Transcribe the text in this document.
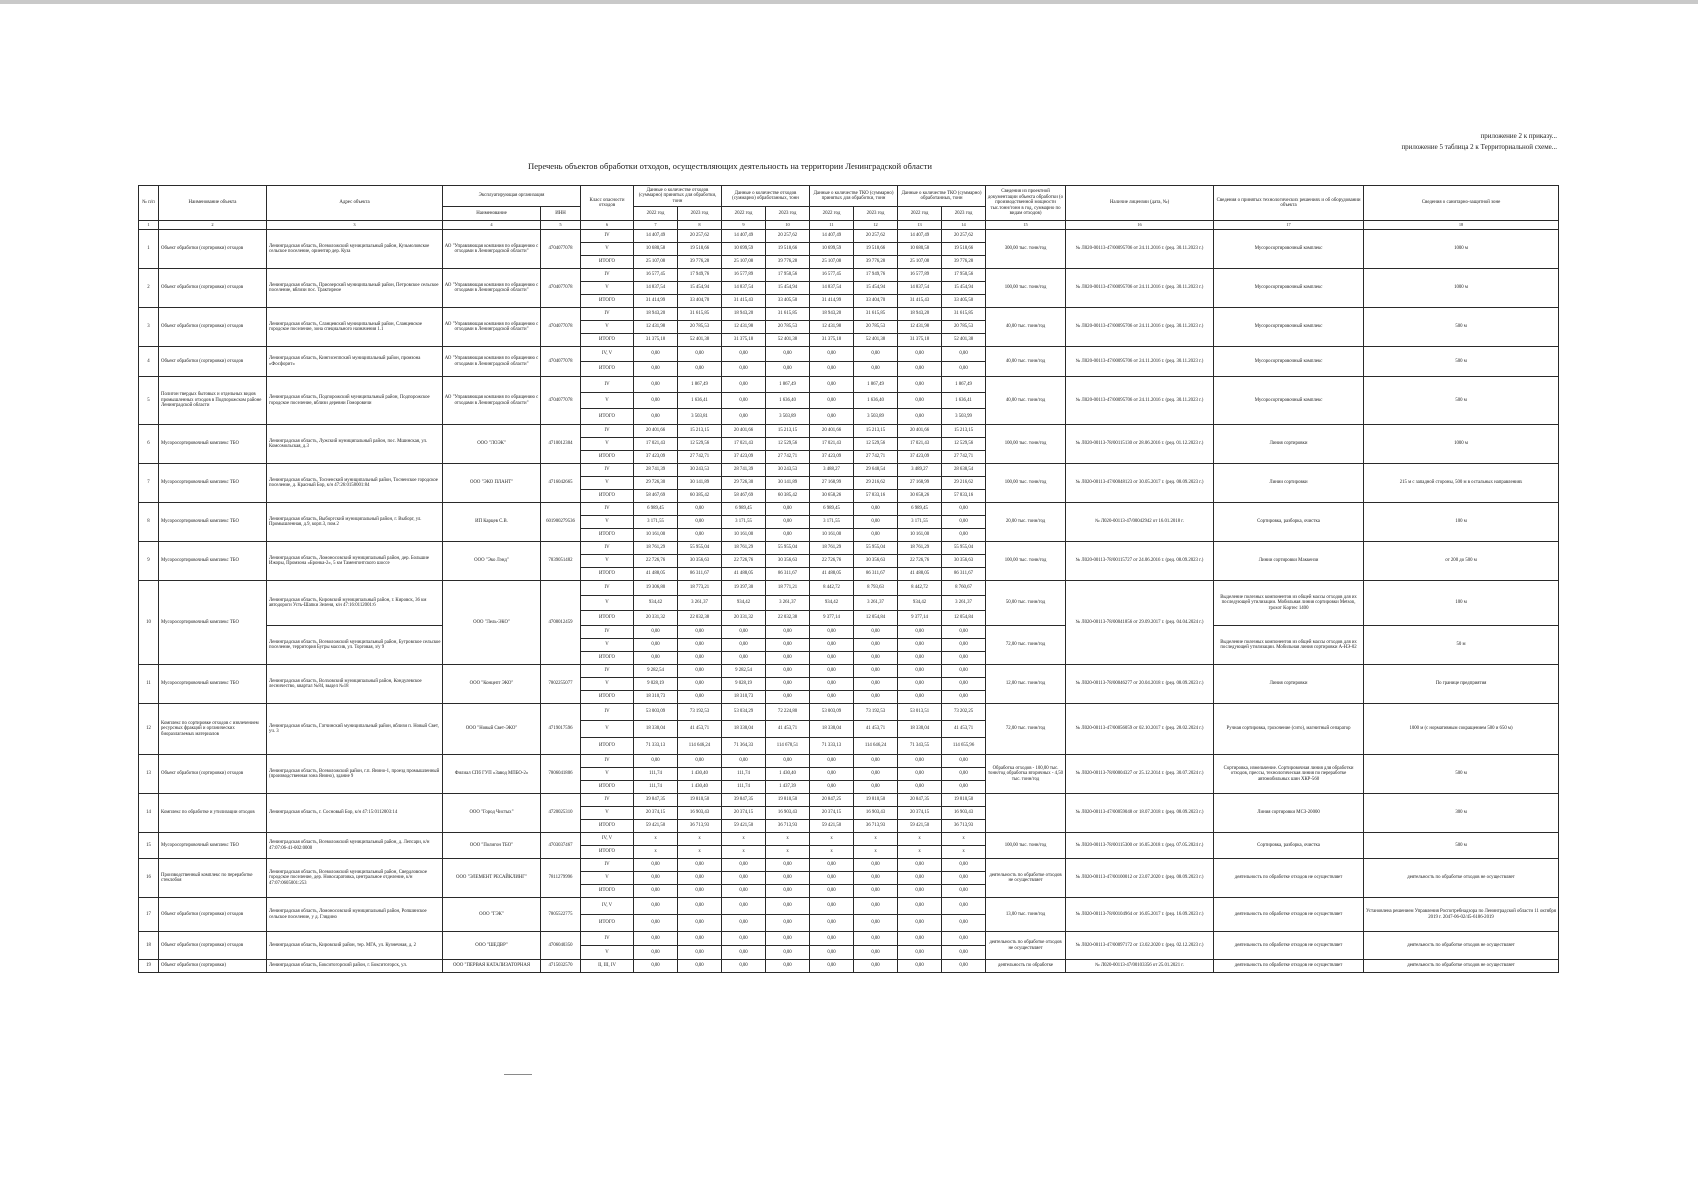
приложение 2 к приказу...
приложение 5 таблица 2 к Территориальной схеме...
Перечень объектов обработки отходов, осуществляющих деятельность на территории Ленинградской области
№ п/п	Наименование объекта	Адрес объекта	Эксплуатирующая организация		Класс опасности отходов	Данные о количестве отходов (суммарно) принятых для обработки, тонн		Данные о количестве отходов (суммарно) обработанных, тонн		Данные о количестве ТКО (суммарно) принятых для обработки, тонн		Данные о количестве ТКО (суммарно) обработанных, тонн		Сведения из проектной документации объекта обработки (о производственной мощности тыс.тонн/тонн в год, суммарно по видам отходов)	Наличие лицензии (дата, №)	Сведения о принятых технологических решениях и об оборудовании объекта	Сведения о санитарно-защитной зоне
			Наименование	ИНН		2022 год	2023 год	2022 год	2023 год	2022 год	2023 год	2022 год	2023 год				
1	2	3	4	5	6	7	8	9	10	11	12	13	14	15	16	17	18
1	Объект обработки (сортировки) отходов	Ленинградская область, Всеволожский муниципальный район, Кузьмоловское сельское поселение, ориентир дер. Куза	АО "Управляющая компания по обращению с отходами в Ленинградской области"	4704077078	IV	14 407,49	20 257,62	14 407,49	20 257,62	14 407,49	20 257,62	14 407,49	20 257,62	300,00 тыс. тонн/год	№ Л020-00113-47/00095706 от 24.11.2016 г. (ред. 30.11.2023 г.)	Мусоросортировочный комплекс	1000 м
					V	10 680,58	19 518,66	10 699,59	19 518,66	10 699,59	19 518,66	10 680,58	19 518,66				
					ИТОГО	25 107,08	39 776,28	25 107,08	39 776,28	25 107,08	39 776,28	25 107,08	39 776,28				
2	Объект обработки (сортировки) отходов	Ленинградская область, Приозерский муниципальный район, Петровское сельское поселение, вблизи пос. Трактирное	АО "Управляющая компания по обращению с отходами в Ленинградской области"	4704077078	IV	16 577,45	17 949,76	16 577,89	17 950,56	16 577,45	17 949,76	16 577,89	17 950,56	100,00 тыс. тонн/год	№ Л020-00113-47/00095706 от 24.11.2016 г. (ред. 30.11.2023 г.)	Мусоросортировочный комплекс	1000 м
					V	14 837,54	15 454,94	14 837,54	15 454,94	14 837,54	15 454,94	14 837,54	15 454,94				
					ИТОГО	31 414,99	33 404,70	31 415,43	33 405,50	31 414,99	33 404,70	31 415,43	33 405,50				
3	Объект обработки (сортировки) отходов	Ленинградская область, Сланцевский муниципальный район, Сланцевское городское поселение, зона специального назначения 1.1	АО "Управляющая компания по обращению с отходами в Ленинградской области"	4704077078	IV	18 943,20	31 615,85	18 943,20	31 615,85	18 943,20	31 615,85	18 943,20	31 615,85	40,00 тыс. тонн/год	№ Л020-00113-47/00095706 от 24.11.2016 г. (ред. 30.11.2023 г.)	Мусоросортировочный комплекс	500 м
					V	12 431,98	20 785,53	12 431,98	20 785,53	12 431,98	20 785,53	12 431,98	20 785,53				
					ИТОГО	31 375,18	52 401,38	31 375,18	52 401,38	31 375,18	52 401,38	31 375,18	52 401,38				
4	Объект обработки (сортировки) отходов	Ленинградская область, Кингисеппский муниципальный район, промзона «Фосфорит»	АО "Управляющая компания по обращению с отходами в Ленинградской области"	4704077078	IV, V	0,00	0,00	0,00	0,00	0,00	0,00	0,00	0,00	40,00 тыс. тонн/год	№ Л020-00113-47/00095706 от 24.11.2016 г. (ред. 30.11.2023 г.)	Мусоросортировочный комплекс	500 м
					ИТОГО	0,00	0,00	0,00	0,00	0,00	0,00	0,00	0,00				
5	Полигон твердых бытовых и отдельных видов промышленных отходов в Подпорожском районе Ленинградской области	Ленинградская область, Подпорожский муниципальный район, Подпорожское городское поселение, вблизи деревни Гоморовичи	АО "Управляющая компания по обращению с отходами в Ленинградской области"	4704077078	IV	0,00	1 867,49	0,00	1 867,49	0,00	1 867,49	0,00	1 867,49	40,00 тыс. тонн/год	№ Л020-00113-47/00095706 от 24.11.2016 г. (ред. 30.11.2023 г.)	Мусоросортировочный комплекс	500 м
					V	0,00	1 636,41	0,00	1 636,40	0,00	1 636,40	0,00	1 636,41				
					ИТОГО	0,00	3 503,81	0,00	3 503,89	0,00	3 503,89	0,00	3 503,99				
6	Мусоросортировочный комплекс ТБО	Ленинградская область, Лужский муниципальный район, пос. Мшинская, ул. Комсомольская, д.3	ООО "ЛОЭК"	4710012304	IV	20 401,66	15 213,15	20 401,66	15 213,15	20 401,66	15 213,15	20 401,66	15 213,15	100,00 тыс. тонн/год	№ Л020-00113-78/00115130 от 28.06.2016 г. (ред. 01.12.2023 г.)	Линия сортировки	1000 м
					V	17 021,43	12 529,56	17 021,43	12 529,56	17 021,43	12 529,56	17 021,43	12 529,56				
					ИТОГО	37 423,09	27 742,71	37 423,09	27 742,71	37 423,09	27 742,71	37 423,09	27 742,71				
7	Мусоросортировочный комплекс ТБО	Ленинградская область, Тосненский муниципальный район, Тосненское городское поселение, д. Красный Бор, к/н 47:26:0158001:84	ООО "ЭКО ПЛАНТ"	4716042665	IV	28 741,39	30 243,53	28 741,39	30 243,53	3 488,27	29 648,54	3 489,27	28 638,54	100,00 тыс. тонн/год	№ Л020-00113-47/00048123 от 30.05.2017 г. (ред. 08.09.2023 г.)	Линии сортировки	215 м с западной стороны, 500 м в остальных направлениях
					V	29 726,30	30 141,89	29 726,30	30 141,89	27 168,99	29 216,62	27 168,99	29 216,62				
					ИТОГО	58 467,69	60 385,42	58 467,69	60 385,42	30 658,26	57 833,16	30 658,26	57 833,16				
8	Мусоросортировочный комплекс ТБО	Ленинградская область, Выборгский муниципальный район, г. Выборг, ул. Промышленная, д.9, корп.3, пом.2	ИП Карцев С.В.	601900279536	IV	6 989,45	0,00	6 989,45	0,00	6 989,45	0,00	6 989,45	0,00	20,00 тыс. тонн/год	№ Л020-00113-47/00042942 от 16.01.2018 г.	Сортировка, разборка, очистка	100 м
					V	3 171,55	0,00	3 171,55	0,00	3 171,55	0,00	3 171,55	0,00				
					ИТОГО	10 161,00	0,00	10 161,00	0,00	10 161,00	0,00	10 161,00	0,00				
9	Мусоросортировочный комплекс ТБО	Ленинградская область, Ломоносовский муниципальный район, дер. Большие Ижоры, Промзона «Бронка-2», 5 км Таменгонтского шоссе	ООО "Эко Лэнд"	7839051482	IV	18 761,29	55 955,04	18 761,29	55 955,04	18 761,29	55 955,04	18 761,29	55 955,04	100,00 тыс. тонн/год	№ Л020-00113-78/00115727 от 24.06.2016 г. (ред. 08.09.2023 г.)	Линии сортировки Маккензи	от 200 до 500 м
					V	22 726,76	30 356,63	22 726,76	30 356,63	22 726,76	30 356,63	22 726,76	30 356,63				
					ИТОГО	41 488,05	86 311,67	41 488,05	86 311,67	41 488,05	86 311,67	41 488,05	86 311,67				
10	Мусоросортировочный комплекс ТБО	Ленинградская область, Кировский муниципальный район, г. Кировск, 36 км автодороги Усть-Шапки Зеленя, к/н 47:16:0112001:6	ООО "Лель-ЭКО"	4708012459	IV	19 306,80	18 773,21	19 397,30	18 771,21	8 442,72	8 793,63	8 442,72	8 760,67	50,00 тыс. тонн/год	№ Л020-00113-78/00041856 от 29.09.2017 г. (ред. 04.04.2024 г.)	Выделение полезных компонентов из общей массы отходов для их последующей утилизации. Мобильная линия сортировки Metson, грохот Kopтec 1400	100 м
					V	934,42	3 261,37	934,42	3 261,37	934,42	3 261,37	934,42	3 261,37				
					ИТОГО	20 331,32	22 032,38	20 331,32	22 032,38	9 377,14	12 054,84	9 377,14	12 054,84				
		Ленинградская область, Всеволожский муниципальный район, Бугровское сельское поселение, территория Бугры массив, ул. Торговая, з/у 9			IV	0,00	0,00	0,00	0,00	0,00	0,00	0,00	0,00	72,00 тыс. тонн/год		Выделение полезных компонентов из общей массы отходов для их последующей утилизации. Мобильная линия сортировки А-НЭ-02	50 м
					V	0,00	0,00	0,00	0,00	0,00	0,00	0,00	0,00				
					ИТОГО	0,00	0,00	0,00	0,00	0,00	0,00	0,00	0,00				
11	Мусоросортировочный комплекс ТБО	Ленинградская область, Волховский муниципальный район, Кондулевское лесничество, квартал №84, выдел №18	ООО "Концепт ЭКО"	7802255077	IV	9 282,54	0,00	9 282,54	0,00	0,00	0,00	0,00	0,00	12,00 тыс. тонн/год	№ Л020-00113-78/00046277 от 20.04.2018 г. (ред. 08.09.2023 г.)	Линия сортировки	По границе предприятия
					V	9 028,19	0,00	9 028,19	0,00	0,00	0,00	0,00	0,00				
					ИТОГО	18 310,73	0,00	18 310,73	0,00	0,00	0,00	0,00	0,00				
12	Комплекс по сортировке отходов с извлечением ресурсных фракций и органических биоразлагаемых материалов	Ленинградская область, Гатчинский муниципальный район, вблизи п. Новый Свет, уч. 3	ООО "Новый Свет-ЭКО"	4719017596	IV	53 003,09	73 192,53	53 034,29	72 224,80	53 003,09	73 192,53	53 013,51	73 202,25	72,00 тыс. тонн/год	№ Л020-00113-47/00056059 от 02.10.2017 г. (ред. 28.02.2024 г.)	Ручная сортировка, грохочение (сито), магнитный сепаратор	1000 м (с нормативным сокращением 500 и 650 м)
					V	18 330,04	41 453,71	18 330,04	41 453,71	18 330,04	41 453,71	18 330,04	41 453,71				
					ИТОГО	71 333,13	114 646,24	71 364,33	114 678,51	71 333,13	114 646,24	71 343,55	114 655,96				
13	Объект обработки (сортировки) отходов	Ленинградская область, Всеволожский район, г.п. Янино-1, проезд промышленный (производственная зона Янино), здание 9	Филиал СПб ГУП «Завод МПБО-2»	7806041806	IV	0,00	0,00	0,00	0,00	0,00	0,00	0,00	0,00	Обработка отходов - 100,00 тыс. тонн/год обработка вторичных - 4,50 тыс. тонн/год	№ Л020-00113-78/00004327 от 25.12.2014 г. (ред. 30.07.2024 г.)	Сортировка, измельчение. Сортировочная линия для обработки отходов, прессы, технологическая линия по переработке автомобильных шин ХКР-560	500 м
					V	111,74	1 430,40	111,74	1 430,40	0,00	0,00	0,00	0,00				
					ИТОГО	111,74	1 430,40	111,74	1 437,39	0,00	0,00	0,00	0,00				
14	Комплекс по обработке и утилизации отходов	Ленинградская область, г. Сосновый Бор, к/н 47:15:0112003:14	ООО "Город Чистых"	4720025310	IV	39 847,35	19 810,50	39 847,35	19 810,50	20 847,25	19 810,50	20 847,35	19 810,50		№ Л020-00113-47/00059048 от 18.07.2018 г. (ред. 08.09.2023 г.)	Линия сортировки МСЗ-20000	300 м
					V	20 374,15	16 903,43	20 374,15	16 903,43	20 374,15	16 903,43	20 374,15	16 903,43				
					ИТОГО	59 421,50	36 713,93	59 421,50	36 713,93	59 421,50	36 713,93	59 421,50	36 713,93				
15	Мусоросортировочный комплекс ТБО	Ленинградская область, Всеволожский муниципальный район, д. Лепсари, к/н 47:07:06-41-002:0000	ООО "Полигон ТБО"	4703037467	IV, V	x	x	x	x	x	x	x	x	100,00 тыс. тонн/год	№ Л020-00113-78/00115300 от 16.05.2018 г. (ред. 07.05.2024 г.)	Сортировка, разборка, очистка	500 м
					ИТОГО	x	x	x	x	x	x	x	x				
16	Производственный комплекс по переработке стеклобоя	Ленинградская область, Всеволожский муниципальный район, Свердловское городское поселение, дер. Новосаратовка, центральное отделение, к/н 47:07:0605001:253	ООО "ЭЛЕМЕНТ РЕСАЙКЛИНГ"	7811279996	IV	0,00	0,00	0,00	0,00	0,00	0,00	0,00	0,00	деятельность по обработке отходов не осуществляет	№ Л020-00113-47/00100012 от 23.07.2020 г. (ред. 08.09.2023 г.)	деятельность по обработке отходов не осуществляет	деятельность по обработке отходов не осуществляет
					V	0,00	0,00	0,00	0,00	0,00	0,00	0,00	0,00				
					ИТОГО	0,00	0,00	0,00	0,00	0,00	0,00	0,00	0,00				
17	Объект обработки (сортировки) отходов	Ленинградская область, Ломоносовский муниципальный район, Ропшинское сельское поселение, у д. Глядино	ООО "ГЭК"	7805522775	IV, V	0,00	0,00	0,00	0,00	0,00	0,00	0,00	0,00	13,00 тыс. тонн/год	№ Л020-00113-78/00104964 от 16.05.2017 г. (ред. 16.09.2023 г.)	деятельность по обработке отходов не осуществляет	Установлена решением Управления Роспотребнадзора по Ленинградской области 11 октября 2019 г. 2047-06-02/45-6186-2019
					ИТОГО	0,00	0,00	0,00	0,00	0,00	0,00	0,00	0,00				
18	Объект обработки (сортировки) отходов	Ленинградская область, Кировский район, тер. МГА, ул. Кузнечная, д. 2	ООО "ШЕДВР"	4706040350	IV	0,00	0,00	0,00	0,00	0,00	0,00	0,00	0,00	деятельность по обработке отходов не осуществляет	№ Л020-00113-47/00097172 от 13.02.2020 г. (ред. 02.12.2023 г.)	деятельность по обработке отходов не осуществляет	деятельность по обработке отходов не осуществляет
					V	0,00	0,00	0,00	0,00	0,00	0,00	0,00	0,00				
19	Объект обработки (сортировки)	Ленинградская область, Бокситогорский район, г. Бокситогорск, ул.	ООО "ПЕРВАЯ КАТАЛИЗАТОРНАЯ	4715032570	II, III, IV	0,00	0,00	0,00	0,00	0,00	0,00	0,00	0,00	деятельность по обработке	№ Л020-00113-47/00103356 от 25.01.2021 г.	деятельность по обработке отходов не осуществляет	деятельность по обработке отходов не осуществляет
